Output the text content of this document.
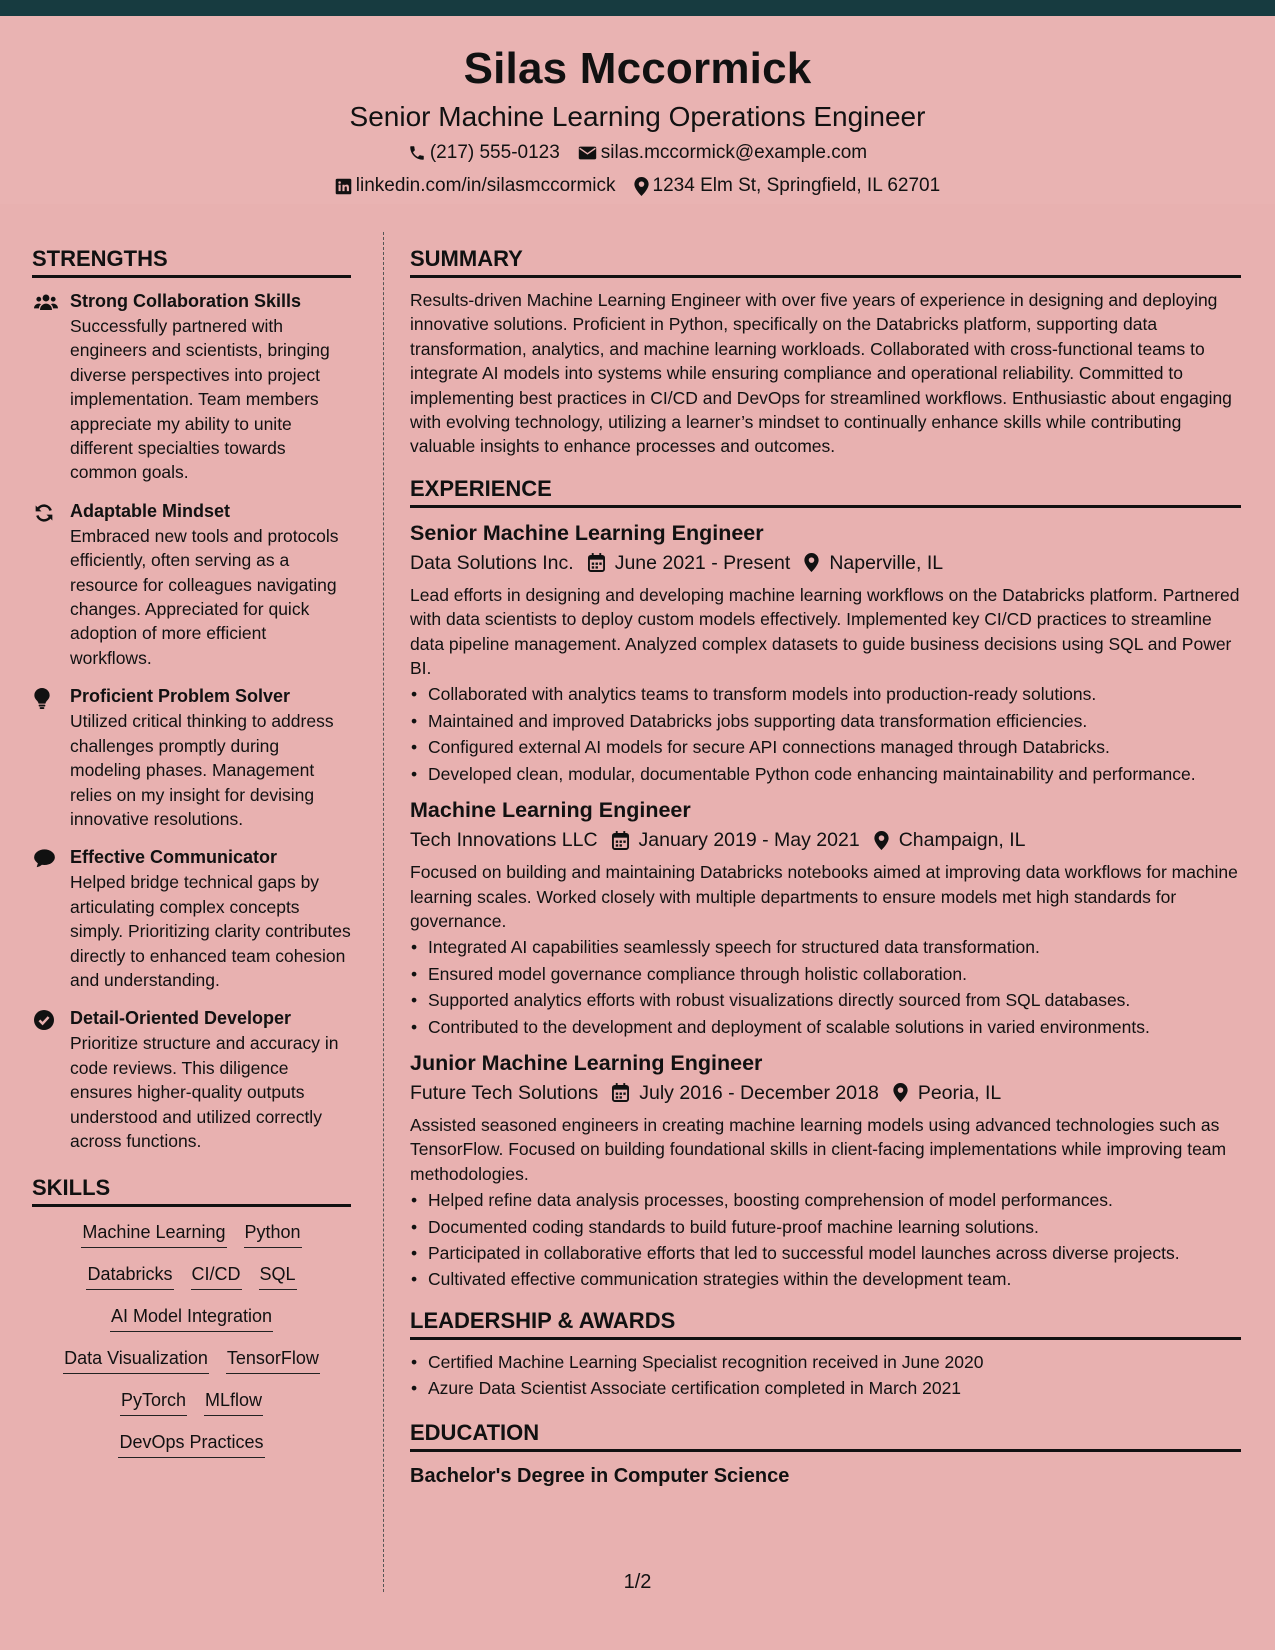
Silas Mccormick
Senior Machine Learning Operations Engineer
(217) 555-0123 silas.mccormick@example.com
linkedin.com/in/silasmccormick 1234 Elm St, Springfield, IL 62701
STRENGTHS
Strong Collaboration Skills
Successfully partnered with engineers and scientists, bringing diverse perspectives into project implementation. Team members appreciate my ability to unite different specialties towards common goals.
Adaptable Mindset
Embraced new tools and protocols efficiently, often serving as a resource for colleagues navigating changes. Appreciated for quick adoption of more efficient workflows.
Proficient Problem Solver
Utilized critical thinking to address challenges promptly during modeling phases. Management relies on my insight for devising innovative resolutions.
Effective Communicator
Helped bridge technical gaps by articulating complex concepts simply. Prioritizing clarity contributes directly to enhanced team cohesion and understanding.
Detail-Oriented Developer
Prioritize structure and accuracy in code reviews. This diligence ensures higher-quality outputs understood and utilized correctly across functions.
SKILLS
Machine Learning Python
Databricks CI/CD SQL
AI Model Integration
Data Visualization TensorFlow
PyTorch MLflow
DevOps Practices
SUMMARY
Results-driven Machine Learning Engineer with over five years of experience in designing and deploying innovative solutions. Proficient in Python, specifically on the Databricks platform, supporting data transformation, analytics, and machine learning workloads. Collaborated with cross-functional teams to integrate AI models into systems while ensuring compliance and operational reliability. Committed to implementing best practices in CI/CD and DevOps for streamlined workflows. Enthusiastic about engaging with evolving technology, utilizing a learner’s mindset to continually enhance skills while contributing valuable insights to enhance processes and outcomes.
EXPERIENCE
Senior Machine Learning Engineer
Data Solutions Inc. June 2021 - Present Naperville, IL
Lead efforts in designing and developing machine learning workflows on the Databricks platform. Partnered with data scientists to deploy custom models effectively. Implemented key CI/CD practices to streamline data pipeline management. Analyzed complex datasets to guide business decisions using SQL and Power BI.
• Collaborated with analytics teams to transform models into production-ready solutions.
• Maintained and improved Databricks jobs supporting data transformation efficiencies.
• Configured external AI models for secure API connections managed through Databricks.
• Developed clean, modular, documentable Python code enhancing maintainability and performance.
Machine Learning Engineer
Tech Innovations LLC January 2019 - May 2021 Champaign, IL
Focused on building and maintaining Databricks notebooks aimed at improving data workflows for machine learning scales. Worked closely with multiple departments to ensure models met high standards for governance.
• Integrated AI capabilities seamlessly speech for structured data transformation.
• Ensured model governance compliance through holistic collaboration.
• Supported analytics efforts with robust visualizations directly sourced from SQL databases.
• Contributed to the development and deployment of scalable solutions in varied environments.
Junior Machine Learning Engineer
Future Tech Solutions July 2016 - December 2018 Peoria, IL
Assisted seasoned engineers in creating machine learning models using advanced technologies such as TensorFlow. Focused on building foundational skills in client-facing implementations while improving team methodologies.
• Helped refine data analysis processes, boosting comprehension of model performances.
• Documented coding standards to build future-proof machine learning solutions.
• Participated in collaborative efforts that led to successful model launches across diverse projects.
• Cultivated effective communication strategies within the development team.
LEADERSHIP & AWARDS
• Certified Machine Learning Specialist recognition received in June 2020
• Azure Data Scientist Associate certification completed in March 2021
EDUCATION
Bachelor's Degree in Computer Science
1/2
